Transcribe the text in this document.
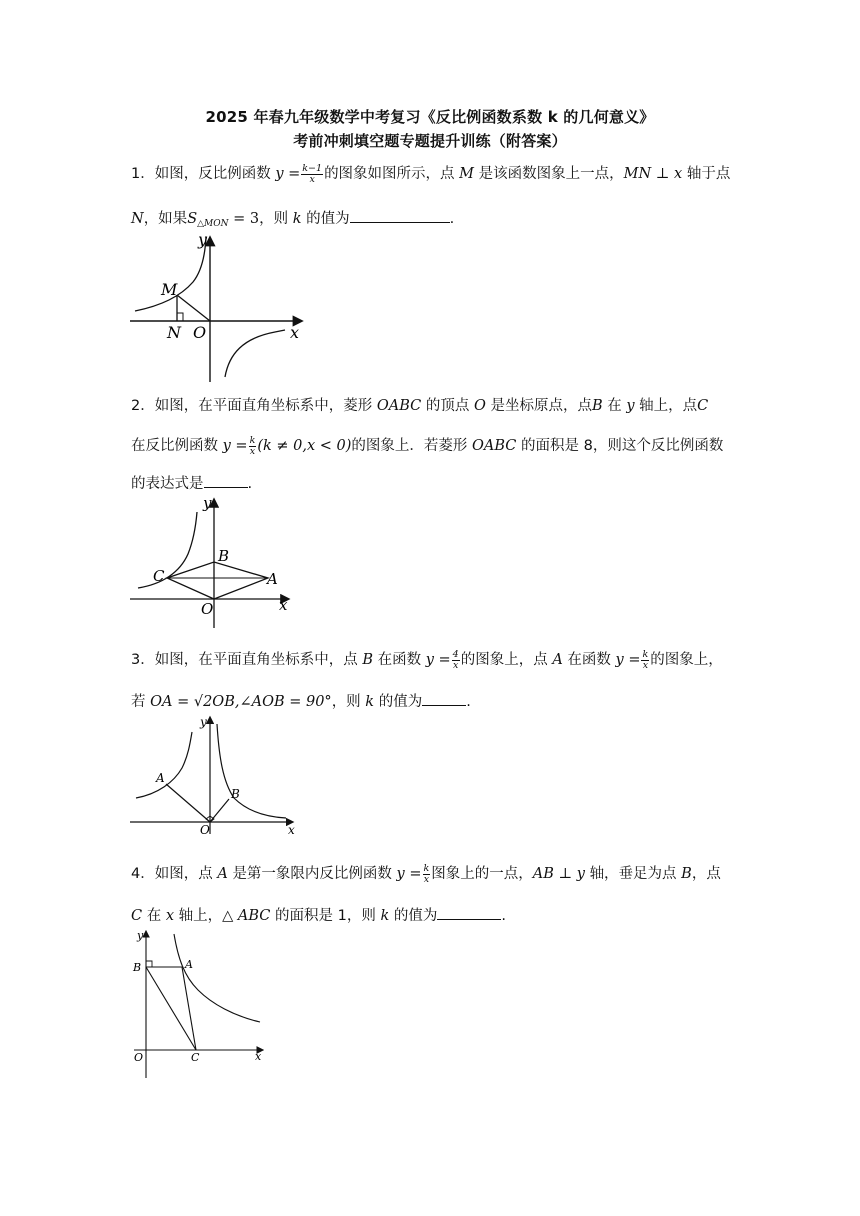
2025 年春九年级数学中考复习《反比例函数系数 k 的几何意义》
考前冲刺填空题专题提升训练（附答案）
1．如图，反比例函数 $y = \frac{k-1}{x}$ 的图象如图所示，点 M 是该函数图象上一点，MN ⊥ x 轴于点
N，如果$S_{\triangle MON} = 3$，则 k 的值为	.
M
N O
y
x
2．如图，在平面直角坐标系中，菱形 OABC 的顶点 O 是坐标原点，点B 在 y 轴上，点C
在反比例函数 $y = \frac{k}{x} (k \ne 0,x < 0)$的图象上．若菱形 OABC 的面积是 8，则这个反比例函数
的表达式是	.
B
A
C
O
y
x
3．如图，在平面直角坐标系中，点 B 在函数 $y = \frac{4}{x}$ 的图象上，点 A 在函数 $y = \frac{k}{x}$ 的图象上，
若 OA = √2OB,∠AOB = 90°，则 k 的值为	.
A
B
O
y
x
4．如图，点 A 是第一象限内反比例函数 $y = \frac{k}{x}$ 图象上的一点，AB ⊥ y 轴，垂足为点 B，点
C 在 x 轴上，△ ABC 的面积是 1，则 k 的值为	.
B	A
C
O
y
x
